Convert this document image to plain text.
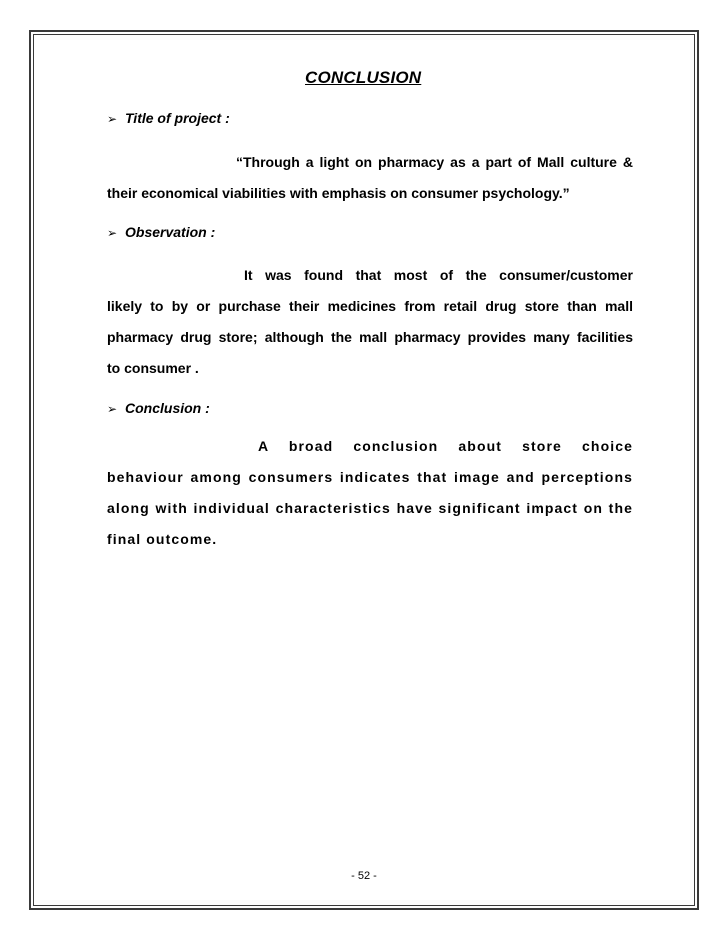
CONCLUSION
➢ Title of project :
“Through a light on pharmacy as a part of Mall culture &
their economical viabilities with emphasis on consumer psychology.”
➢ Observation :
It was found that most of the consumer/customer
likely to by or purchase their medicines from retail drug store than mall
pharmacy drug store; although the mall pharmacy provides many facilities
to consumer .
➢ Conclusion :
A broad conclusion about store choice
behaviour among consumers indicates that image and perceptions
along with individual characteristics have significant impact on the
final outcome.
- 52 -
